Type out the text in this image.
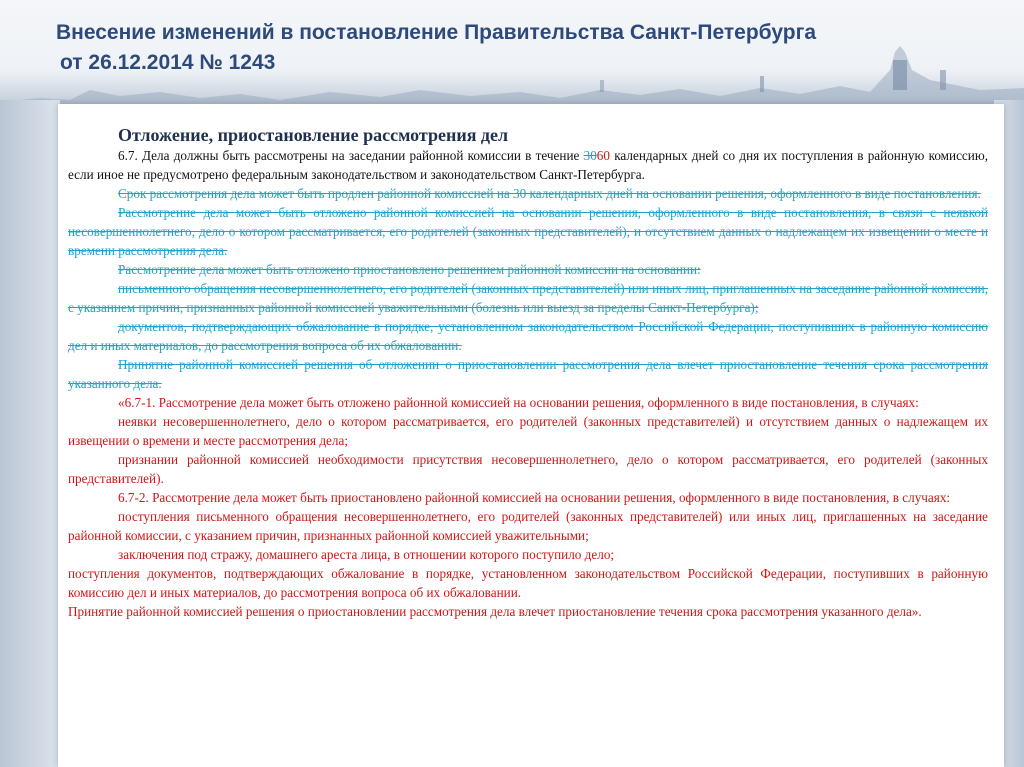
Внесение изменений в постановление Правительства Санкт-Петербурга
от 26.12.2014 № 1243
Отложение, приостановление рассмотрения дел

6.7. Дела должны быть рассмотрены на заседании районной комиссии в течение 3060 календарных дней со дня их поступления в районную комиссию, если иное не предусмотрено федеральным законодательством и законодательством Санкт-Петербурга.

Срок рассмотрения дела может быть продлен районной комиссией на 30 календарных дней на основании решения, оформленного в виде постановления.

Рассмотрение дела может быть отложено районной комиссией на основании решения, оформленного в виде постановления, в связи с неявкой несовершеннолетнего, дело о котором рассматривается, его родителей (законных представителей), и отсутствием данных о надлежащем их извещении о месте и времени рассмотрения дела.

Рассмотрение дела может быть отложено приостановлено решением районной комиссии на основании:

письменного обращения несовершеннолетнего, его родителей (законных представителей) или иных лиц, приглашенных на заседание районной комиссии, с указанием причин, признанных районной комиссией уважительными (болезнь или выезд за пределы Санкт-Петербурга);

документов, подтверждающих обжалование в порядке, установленном законодательством Российской Федерации, поступивших в районную комиссию дел и иных материалов, до рассмотрения вопроса об их обжаловании.

Принятие районной комиссией решения об отложении о приостановлении рассмотрения дела влечет приостановление течения срока рассмотрения указанного дела.

«6.7-1. Рассмотрение дела может быть отложено районной комиссией на основании решения, оформленного в виде постановления, в случаях:

неявки несовершеннолетнего, дело о котором рассматривается, его родителей (законных представителей) и отсутствием данных о надлежащем их извещении о времени и месте рассмотрения дела;

признании районной комиссией необходимости присутствия несовершеннолетнего, дело о котором рассматривается, его родителей (законных представителей).

6.7-2. Рассмотрение дела может быть приостановлено районной комиссией на основании решения, оформленного в виде постановления, в случаях:

поступления письменного обращения несовершеннолетнего, его родителей (законных представителей) или иных лиц, приглашенных на заседание районной комиссии, с указанием причин, признанных районной комиссией уважительными;

заключения под стражу, домашнего ареста лица, в отношении которого поступило дело;

поступления документов, подтверждающих обжалование в порядке, установленном законодательством Российской Федерации, поступивших в районную комиссию дел и иных материалов, до рассмотрения вопроса об их обжаловании.

Принятие районной комиссией решения о приостановлении рассмотрения дела влечет приостановление течения срока рассмотрения указанного дела».
